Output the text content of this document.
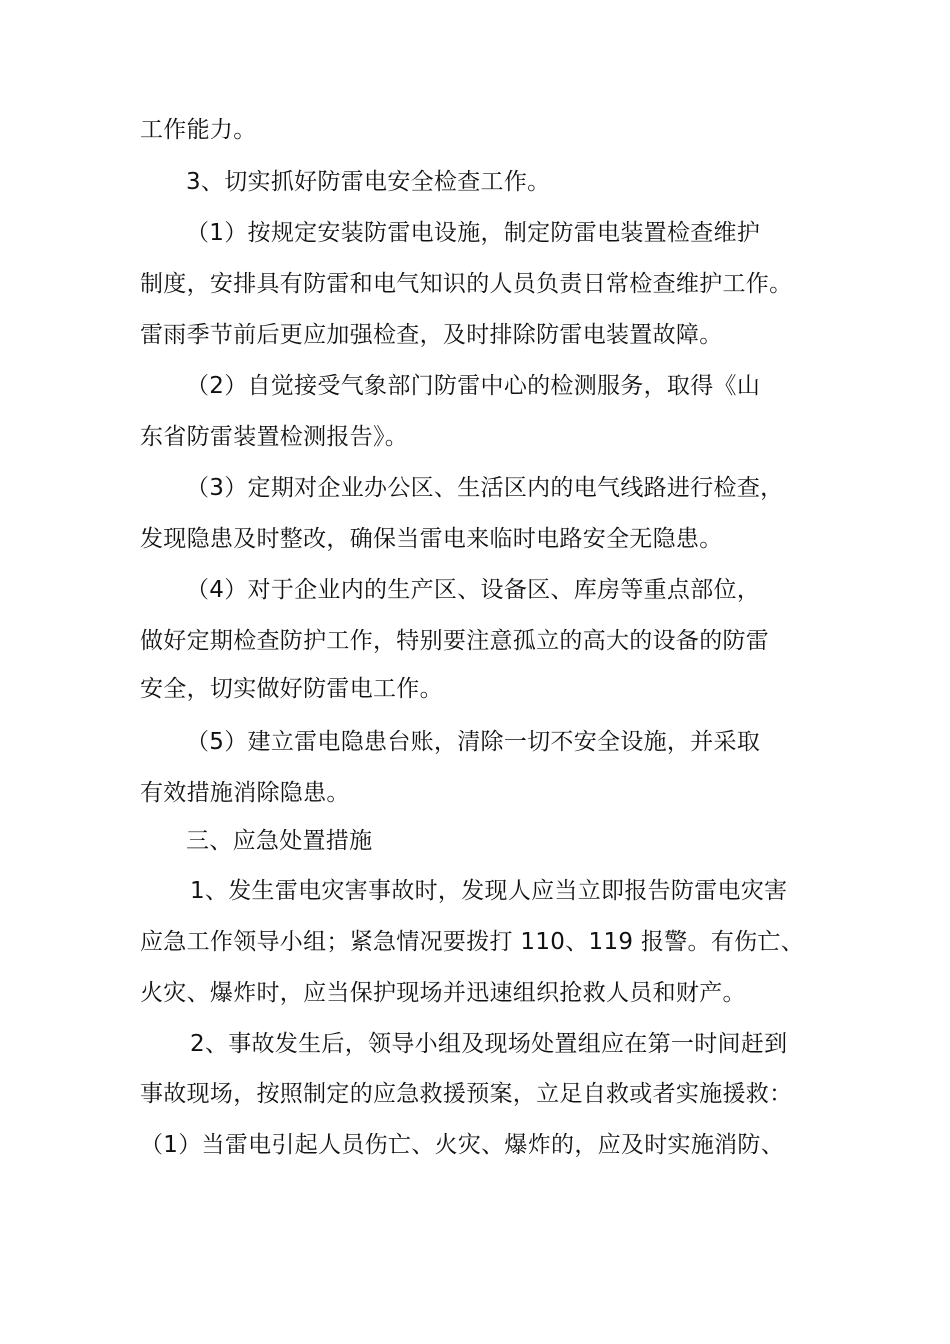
工作能力。
3、切实抓好防雷电安全检查工作。
（1）按规定安装防雷电设施，制定防雷电装置检查维护
制度，安排具有防雷和电气知识的人员负责日常检查维护工作。
雷雨季节前后更应加强检查，及时排除防雷电装置故障。
（2）自觉接受气象部门防雷中心的检测服务，取得《山
东省防雷装置检测报告》。
（3）定期对企业办公区、生活区内的电气线路进行检查，
发现隐患及时整改，确保当雷电来临时电路安全无隐患。
（4）对于企业内的生产区、设备区、库房等重点部位，
做好定期检查防护工作，特别要注意孤立的高大的设备的防雷
安全，切实做好防雷电工作。
（5）建立雷电隐患台账，清除一切不安全设施，并采取
有效措施消除隐患。
三、应急处置措施
1、发生雷电灾害事故时，发现人应当立即报告防雷电灾害
应急工作领导小组；紧急情况要拨打 110、119 报警。有伤亡、
火灾、爆炸时，应当保护现场并迅速组织抢救人员和财产。
2、事故发生后，领导小组及现场处置组应在第一时间赶到
事故现场，按照制定的应急救援预案，立足自救或者实施援救：
（1）当雷电引起人员伤亡、火灾、爆炸的，应及时实施消防、
